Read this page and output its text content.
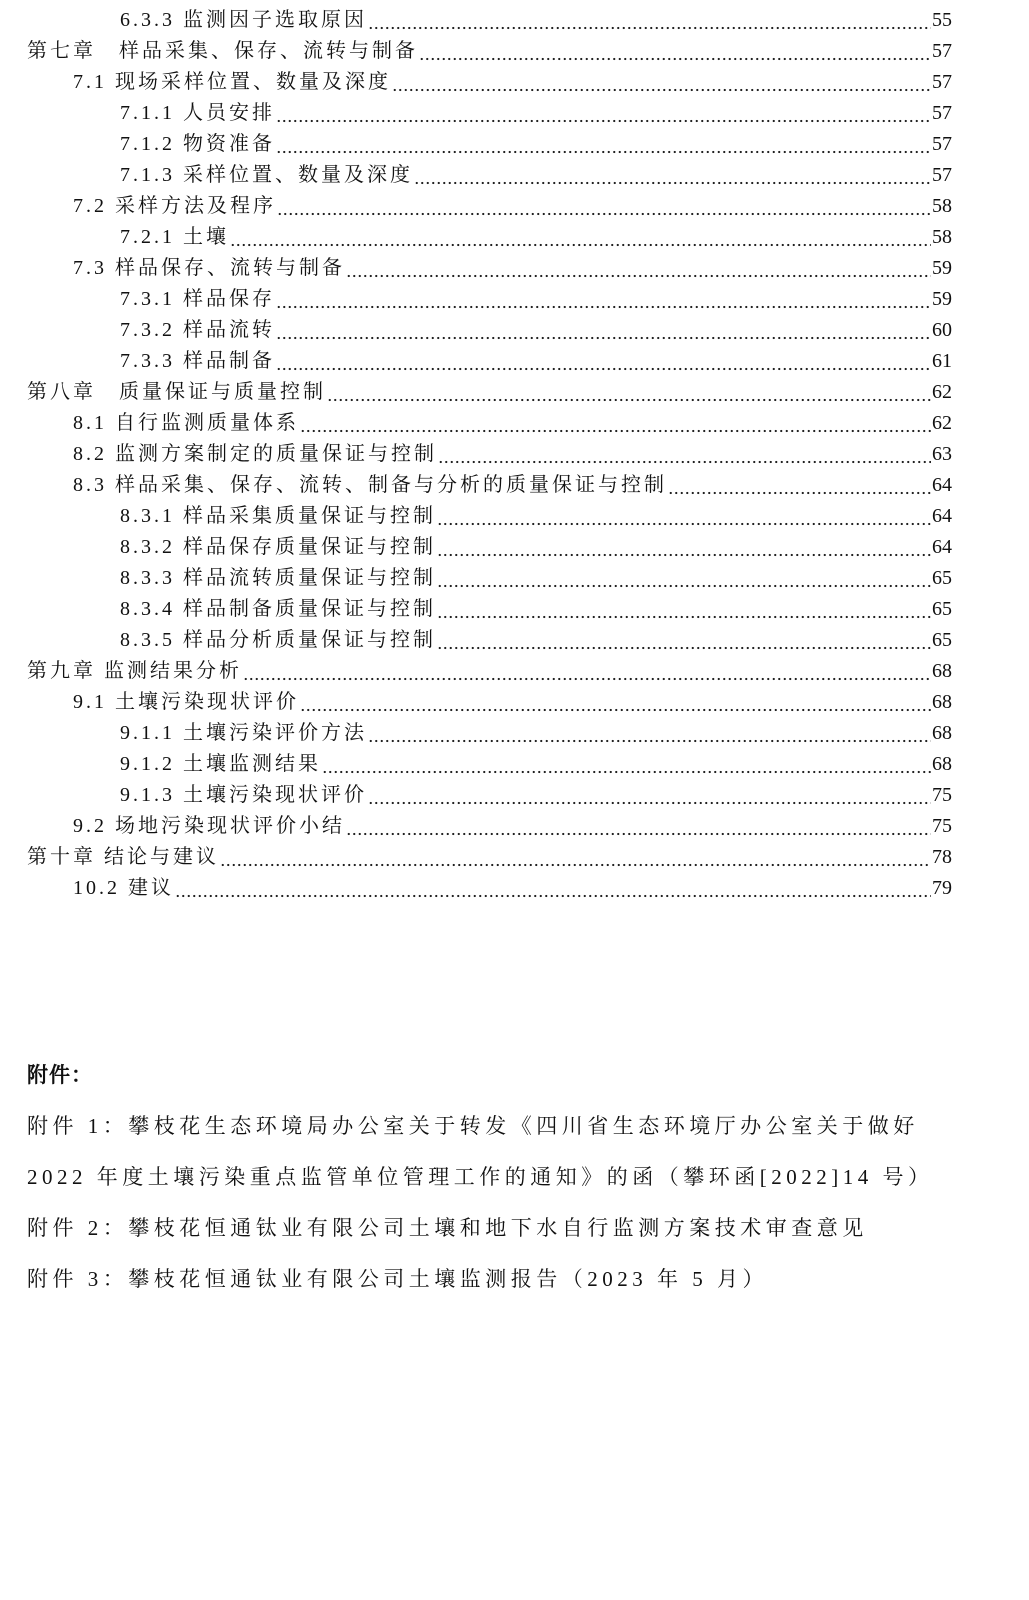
6.3.3 监测因子选取原因	55
第七章　样品采集、保存、流转与制备	57
7.1 现场采样位置、数量及深度	57
7.1.1 人员安排	57
7.1.2 物资准备	57
7.1.3 采样位置、数量及深度	57
7.2 采样方法及程序	58
7.2.1 土壤	58
7.3 样品保存、流转与制备	59
7.3.1 样品保存	59
7.3.2 样品流转	60
7.3.3 样品制备	61
第八章　质量保证与质量控制	62
8.1 自行监测质量体系	62
8.2 监测方案制定的质量保证与控制	63
8.3 样品采集、保存、流转、制备与分析的质量保证与控制	64
8.3.1 样品采集质量保证与控制	64
8.3.2 样品保存质量保证与控制	64
8.3.3 样品流转质量保证与控制	65
8.3.4 样品制备质量保证与控制	65
8.3.5 样品分析质量保证与控制	65
第九章 监测结果分析	68
9.1 土壤污染现状评价	68
9.1.1 土壤污染评价方法	68
9.1.2 土壤监测结果	68
9.1.3 土壤污染现状评价	75
9.2 场地污染现状评价小结	75
第十章 结论与建议	78
10.2 建议	79
附件：
附件 1：攀枝花生态环境局办公室关于转发《四川省生态环境厅办公室关于做好
2022 年度土壤污染重点监管单位管理工作的通知》的函（攀环函[2022]14 号）
附件 2：攀枝花恒通钛业有限公司土壤和地下水自行监测方案技术审查意见
附件 3：攀枝花恒通钛业有限公司土壤监测报告（2023 年 5 月）
